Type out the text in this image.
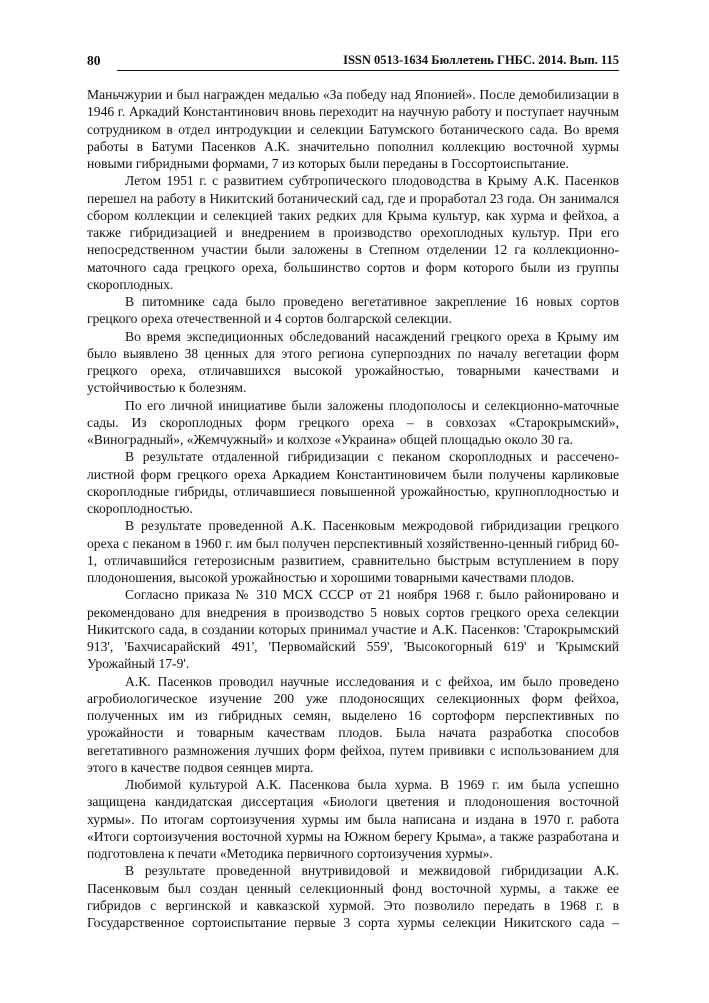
80	ISSN 0513-1634 Бюллетень ГНБС. 2014. Вып. 115

Маньчжурии и был награжден медалью «За победу над Японией». После демобилизации в 1946 г. Аркадий Константинович вновь переходит на научную работу и поступает научным сотрудником в отдел интродукции и селекции Батумского ботанического сада. Во время работы в Батуми Пасенков А.К. значительно пополнил коллекцию восточной хурмы новыми гибридными формами, 7 из которых были переданы в Госсортоиспытание.

Летом 1951 г. с развитием субтропического плодоводства в Крыму А.К. Пасенков перешел на работу в Никитский ботанический сад, где и проработал 23 года. Он занимался сбором коллекции и селекцией таких редких для Крыма культур, как хурма и фейхоа, а также гибридизацией и внедрением в производство орехоплодных культур. При его непосредственном участии были заложены в Степном отделении 12 га коллекционно-маточного сада грецкого ореха, большинство сортов и форм которого были из группы скороплодных.

В питомнике сада было проведено вегетативное закрепление 16 новых сортов грецкого ореха отечественной и 4 сортов болгарской селекции.

Во время экспедиционных обследований насаждений грецкого ореха в Крыму им было выявлено 38 ценных для этого региона суперпоздних по началу вегетации форм грецкого ореха, отличавшихся высокой урожайностью, товарными качествами и устойчивостью к болезням.

По его личной инициативе были заложены плодополосы и селекционно-маточные сады. Из скороплодных форм грецкого ореха – в совхозах «Старокрымский», «Виноградный», «Жемчужный» и колхозе «Украина» общей площадью около 30 га.

В результате отдаленной гибридизации с пеканом скороплодных и рассечено-листной форм грецкого ореха Аркадием Константиновичем были получены карликовые скороплодные гибриды, отличавшиеся повышенной урожайностью, крупноплодностью и скороплодностью.

В результате проведенной А.К. Пасенковым межродовой гибридизации грецкого ореха с пеканом в 1960 г. им был получен перспективный хозяйственно-ценный гибрид 60-1, отличавшийся гетерозисным развитием, сравнительно быстрым вступлением в пору плодоношения, высокой урожайностью и хорошими товарными качествами плодов.

Согласно приказа № 310 МСХ СССР от 21 ноября 1968 г. было районировано и рекомендовано для внедрения в производство 5 новых сортов грецкого ореха селекции Никитского сада, в создании которых принимал участие и А.К. Пасенков: 'Старокрымский 913', 'Бахчисарайский 491', 'Первомайский 559', 'Высокогорный 619' и 'Крымский Урожайный 17-9'.

А.К. Пасенков проводил научные исследования и с фейхоа, им было проведено агробиологическое изучение 200 уже плодоносящих селекционных форм фейхоа, полученных им из гибридных семян, выделено 16 сортоформ перспективных по урожайности и товарным качествам плодов. Была начата разработка способов вегетативного размножения лучших форм фейхоа, путем прививки с использованием для этого в качестве подвоя сеянцев мирта.

Любимой культурой А.К. Пасенкова была хурма. В 1969 г. им была успешно защищена кандидатская диссертация «Биологи цветения и плодоношения восточной хурмы». По итогам сортоизучения хурмы им была написана и издана в 1970 г. работа «Итоги сортоизучения восточной хурмы на Южном берегу Крыма», а также разработана и подготовлена к печати «Методика первичного сортоизучения хурмы».

В результате проведенной внутривидовой и межвидовой гибридизации А.К. Пасенковым был создан ценный селекционный фонд восточной хурмы, а также ее гибридов с вергинской и кавказской хурмой. Это позволило передать в 1968 г. в Государственное сортоиспытание первые 3 сорта хурмы селекции Никитского сада –
